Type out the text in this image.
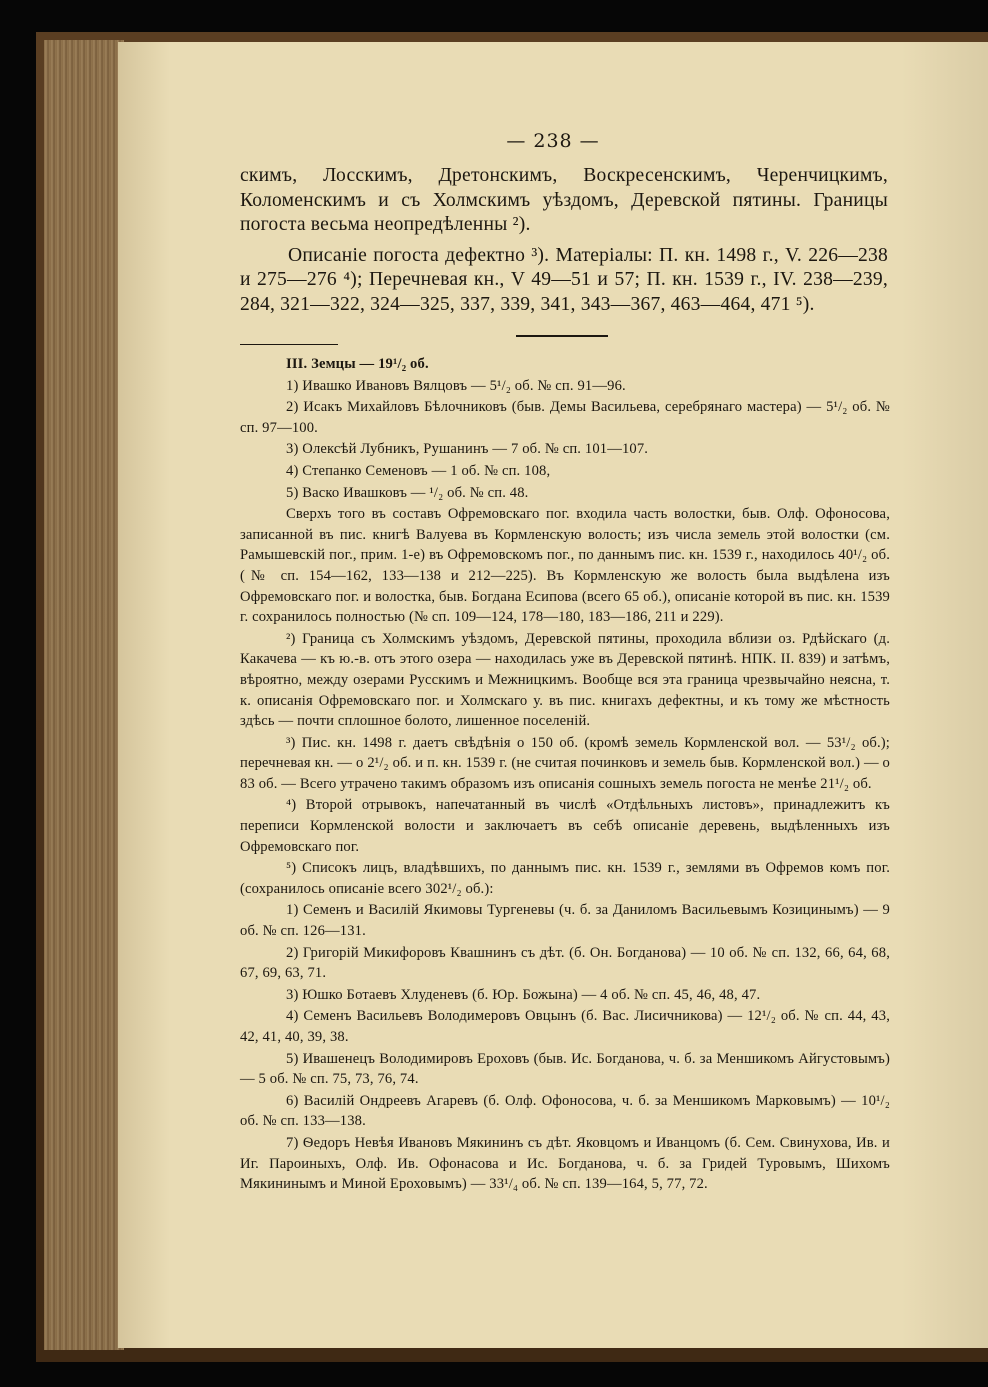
— 238 —

скимъ, Лосскимъ, Дретонскимъ, Воскресенскимъ, Черенчицкимъ, Коломенскимъ и съ Холмскимъ уѣздомъ, Деревской пятины. Границы погоста весьма неопредѣленны ²).

Описаніе погоста дефектно ³). Матеріалы: П. кн. 1498 г., V. 226—238 и 275—276 ⁴); Перечневая кн., V 49—51 и 57; П. кн. 1539 г., IV. 238—239, 284, 321—322, 324—325, 337, 339, 341, 343—367, 463—464, 471 ⁵).

III. Земцы — 19¹/₂ об.

1) Ивашко Ивановъ Вялцовъ — 5¹/₂ об. № сп. 91—96.

2) Исакъ Михайловъ Бѣлочниковъ (быв. Демы Васильева, серебрянаго мастера) — 5¹/₂ об. № сп. 97—100.

3) Олексѣй Лубникъ, Рушанинъ — 7 об. № сп. 101—107.

4) Степанко Семеновъ — 1 об. № сп. 108,

5) Васко Ивашковъ — ¹/₂ об. № сп. 48.

Сверхъ того въ составъ Офремовскаго пог. входила часть волостки, быв. Олф. Офоносова, записанной въ пис. книгѣ Валуева въ Кормленскую волость; изъ числа земель этой волостки (см. Рамышевскій пог., прим. 1-е) въ Офремовскомъ пог., по даннымъ пис. кн. 1539 г., находилось 40¹/₂ об. (№ сп. 154—162, 133—138 и 212—225). Въ Кормленскую же волость была выдѣлена изъ Офремовскаго пог. и волостка, быв. Богдана Есипова (всего 65 об.), описаніе которой въ пис. кн. 1539 г. сохранилось полностью (№ сп. 109—124, 178—180, 183—186, 211 и 229).

²) Граница съ Холмскимъ уѣздомъ, Деревской пятины, проходила вблизи оз. Рдѣйскаго (д. Какачева — къ ю.-в. отъ этого озера — находилась уже въ Деревской пятинѣ. НПК. II. 839) и затѣмъ, вѣроятно, между озерами Русскимъ и Межницкимъ. Вообще вся эта граница чрезвычайно неясна, т. к. описанія Офремовскаго пог. и Холмскаго у. въ пис. книгахъ дефектны, и къ тому же мѣстность здѣсь — почти сплошное болото, лишенное поселеній.

³) Пис. кн. 1498 г. даетъ свѣдѣнія о 150 об. (кромѣ земель Кормленской вол. — 53¹/₂ об.); перечневая кн. — о 2¹/₂ об. и п. кн. 1539 г. (не считая починковъ и земель быв. Кормленской вол.) — о 83 об. — Всего утрачено такимъ образомъ изъ описанія сошныхъ земель погоста не менѣе 21¹/₂ об.

⁴) Второй отрывокъ, напечатанный въ числѣ «Отдѣльныхъ листовъ», принадлежитъ къ переписи Кормленской волости и заключаетъ въ себѣ описаніе деревень, выдѣленныхъ изъ Офремовскаго пог.

⁵) Списокъ лицъ, владѣвшихъ, по даннымъ пис. кн. 1539 г., землями въ Офремов комъ пог. (сохранилось описаніе всего 302¹/₂ об.):

1) Семенъ и Василій Якимовы Тургеневы (ч. б. за Даниломъ Васильевымъ Козицинымъ) — 9 об. № сп. 126—131.

2) Григорій Микифоровъ Квашнинъ съ дѣт. (б. Он. Богданова) — 10 об. № сп. 132, 66, 64, 68, 67, 69, 63, 71.

3) Юшко Ботаевъ Хлуденевъ (б. Юр. Божына) — 4 об. № сп. 45, 46, 48, 47.

4) Семенъ Васильевъ Володимеровъ Овцынъ (б. Вас. Лисичникова) — 12¹/₂ об. № сп. 44, 43, 42, 41, 40, 39, 38.

5) Ивашенецъ Володимировъ Ероховъ (быв. Ис. Богданова, ч. б. за Меншикомъ Айгустовымъ) — 5 об. № сп. 75, 73, 76, 74.

6) Василій Ондреевъ Агаревъ (б. Олф. Офоносова, ч. б. за Меншикомъ Марковымъ) — 10¹/₂ об. № сп. 133—138.

7) Ѳедоръ Невѣя Ивановъ Мякининъ съ дѣт. Яковцомъ и Иванцомъ (б. Сем. Свинухова, Ив. и Иг. Пароиныхъ, Олф. Ив. Офонасова и Ис. Богданова, ч. б. за Гридей Туровымъ, Шихомъ Мякининымъ и Миной Ероховымъ) — 33¹/₄ об. № сп. 139—164, 5, 77, 72.
